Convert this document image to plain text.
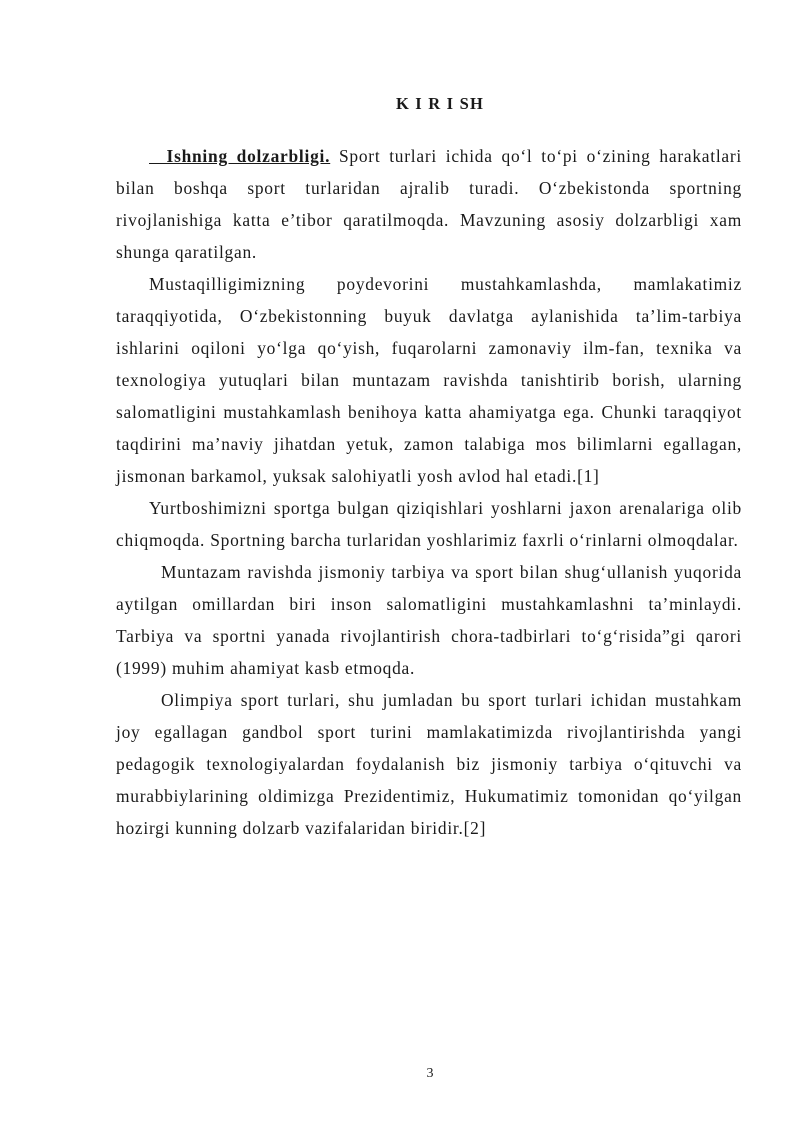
K I R I SH

Ishning dolzarbligi. Sport turlari ichida qo‘l to‘pi o‘zining harakatlari bilan boshqa sport turlaridan ajralib turadi. O‘zbekistonda sportning rivojlanishiga katta e’tibor qaratilmoqda. Mavzuning asosiy dolzarbligi xam shunga qaratilgan.

Mustaqilligimizning poydevorini mustahkamlashda, mamlakatimiz taraqqiyotida, O‘zbekistonning buyuk davlatga aylanishida ta’lim-tarbiya ishlarini oqiloni yo‘lga qo‘yish, fuqarolarni zamonaviy ilm-fan, texnika va texnologiya yutuqlari bilan muntazam ravishda tanishtirib borish, ularning salomatligini mustahkamlash benihoya katta ahamiyatga ega. Chunki taraqqiyot taqdirini ma’naviy jihatdan yetuk, zamon talabiga mos bilimlarni egallagan, jismonan barkamol, yuksak salohiyatli yosh avlod hal etadi.[1]

Yurtboshimizni sportga bulgan qiziqishlari yoshlarni jaxon arenalariga olib chiqmoqda. Sportning barcha turlaridan yoshlarimiz faxrli o‘rinlarni olmoqdalar.

Muntazam ravishda jismoniy tarbiya va sport bilan shug‘ullanish yuqorida aytilgan omillardan biri inson salomatligini mustahkamlashni ta’minlaydi. Tarbiya va sportni yanada rivojlantirish chora-tadbirlari to‘g‘risida”gi qarori (1999) muhim ahamiyat kasb etmoqda.

Olimpiya sport turlari, shu jumladan bu sport turlari ichidan mustahkam joy egallagan gandbol sport turini mamlakatimizda rivojlantirishda yangi pedagogik texnologiyalardan foydalanish biz jismoniy tarbiya o‘qituvchi va murabbiylarining oldimizga Prezidentimiz, Hukumatimiz tomonidan qo‘yilgan hozirgi kunning dolzarb vazifalaridan biridir.[2]

3
